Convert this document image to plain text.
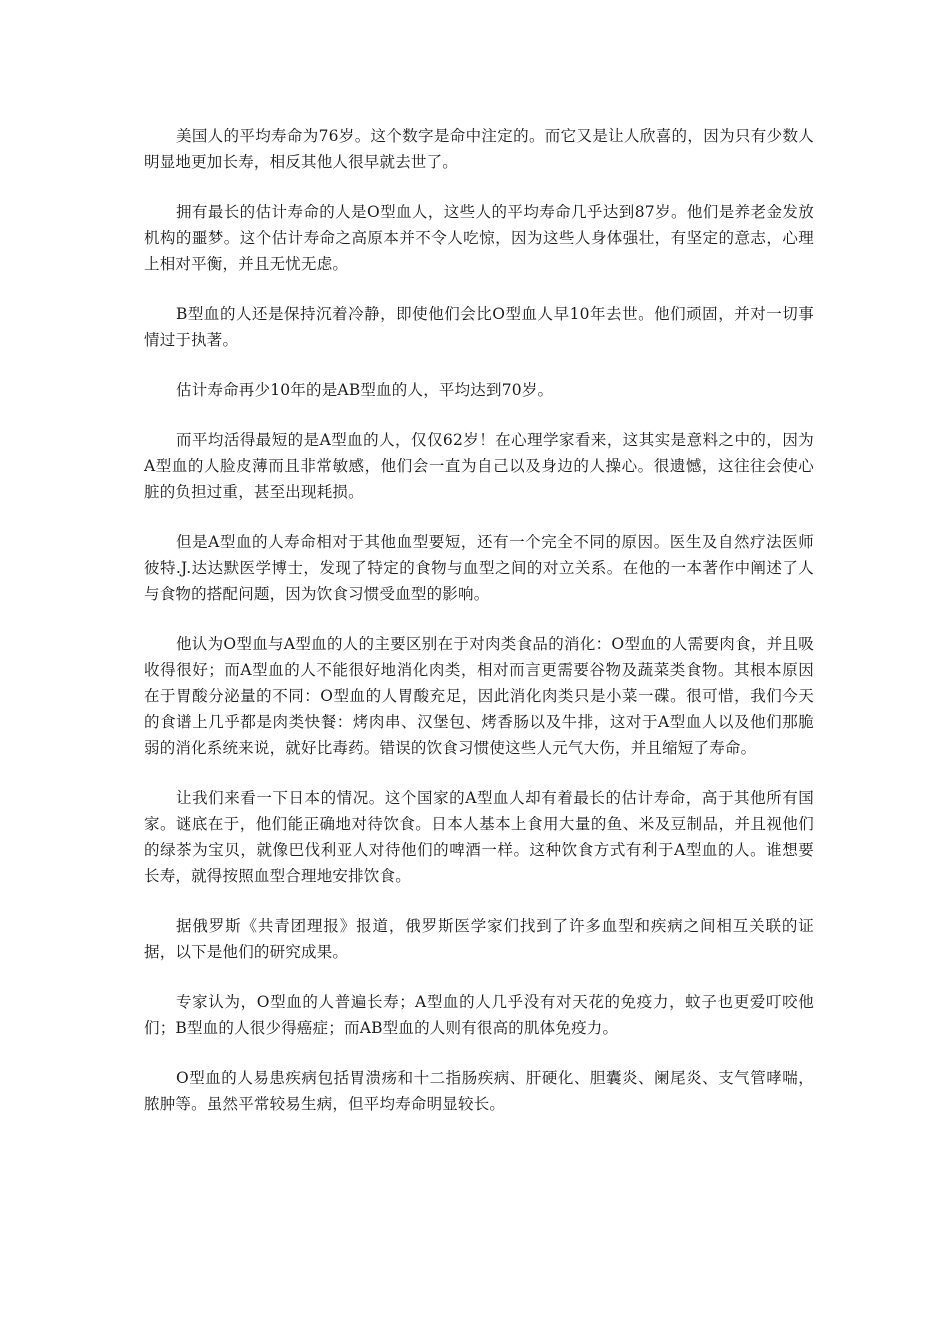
美国人的平均寿命为76岁。这个数字是命中注定的。而它又是让人欣喜的，因为只有少数人明显地更加长寿，相反其他人很早就去世了。

拥有最长的估计寿命的人是O型血人，这些人的平均寿命几乎达到87岁。他们是养老金发放机构的噩梦。这个估计寿命之高原本并不令人吃惊，因为这些人身体强壮，有坚定的意志，心理上相对平衡，并且无忧无虑。

B型血的人还是保持沉着冷静，即使他们会比O型血人早10年去世。他们顽固，并对一切事情过于执著。

估计寿命再少10年的是AB型血的人，平均达到70岁。

而平均活得最短的是A型血的人，仅仅62岁！在心理学家看来，这其实是意料之中的，因为A型血的人脸皮薄而且非常敏感，他们会一直为自己以及身边的人操心。很遗憾，这往往会使心脏的负担过重，甚至出现耗损。

但是A型血的人寿命相对于其他血型要短，还有一个完全不同的原因。医生及自然疗法医师彼特.J.达达默医学博士，发现了特定的食物与血型之间的对立关系。在他的一本著作中阐述了人与食物的搭配问题，因为饮食习惯受血型的影响。

他认为O型血与A型血的人的主要区别在于对肉类食品的消化：O型血的人需要肉食，并且吸收得很好；而A型血的人不能很好地消化肉类，相对而言更需要谷物及蔬菜类食物。其根本原因在于胃酸分泌量的不同：O型血的人胃酸充足，因此消化肉类只是小菜一碟。很可惜，我们今天的食谱上几乎都是肉类快餐：烤肉串、汉堡包、烤香肠以及牛排，这对于A型血人以及他们那脆弱的消化系统来说，就好比毒药。错误的饮食习惯使这些人元气大伤，并且缩短了寿命。

让我们来看一下日本的情况。这个国家的A型血人却有着最长的估计寿命，高于其他所有国家。谜底在于，他们能正确地对待饮食。日本人基本上食用大量的鱼、米及豆制品，并且视他们的绿茶为宝贝，就像巴伐利亚人对待他们的啤酒一样。这种饮食方式有利于A型血的人。谁想要长寿，就得按照血型合理地安排饮食。

据俄罗斯《共青团理报》报道，俄罗斯医学家们找到了许多血型和疾病之间相互关联的证据，以下是他们的研究成果。

专家认为，O型血的人普遍长寿；A型血的人几乎没有对天花的免疫力，蚊子也更爱叮咬他们；B型血的人很少得癌症；而AB型血的人则有很高的肌体免疫力。

O型血的人易患疾病包括胃溃疡和十二指肠疾病、肝硬化、胆囊炎、阑尾炎、支气管哮喘，脓肿等。虽然平常较易生病，但平均寿命明显较长。
